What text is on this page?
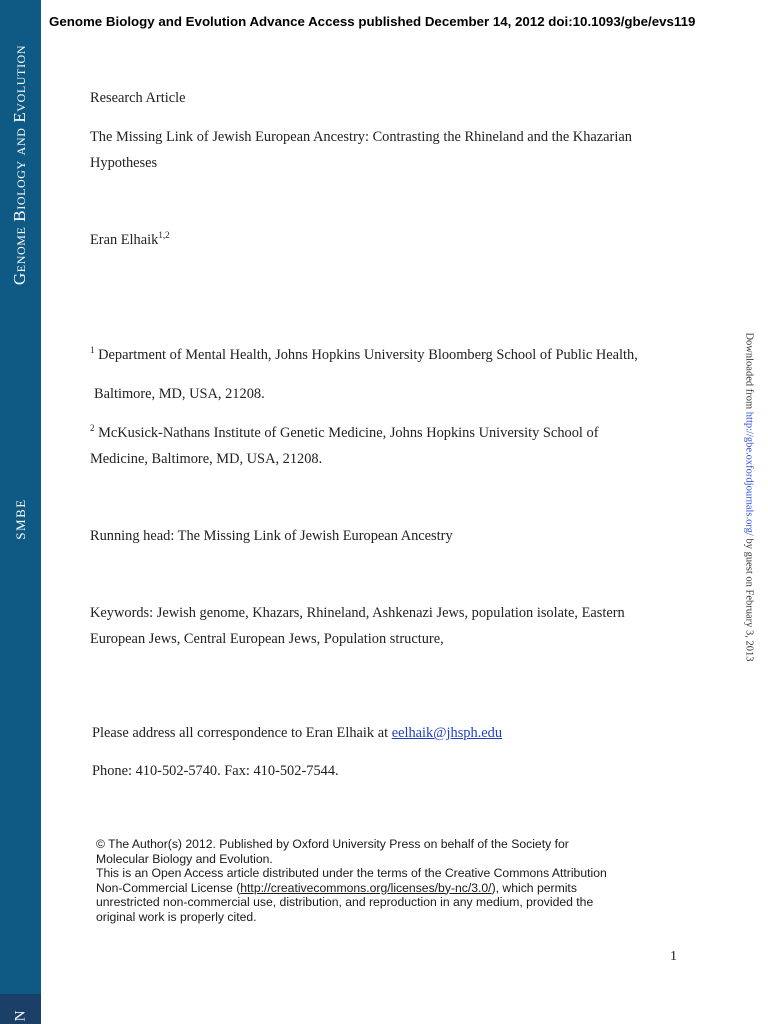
Genome Biology and Evolution
SMBE
N
Genome Biology and Evolution Advance Access published December 14, 2012 doi:10.1093/gbe/evs119
Research Article
The Missing Link of Jewish European Ancestry: Contrasting the Rhineland and the Khazarian
Hypotheses
Eran Elhaik$^{1,2}$
$^1$ Department of Mental Health, Johns Hopkins University Bloomberg School of Public Health,
Baltimore, MD, USA, 21208.
$^2$ McKusick-Nathans Institute of Genetic Medicine, Johns Hopkins University School of
Medicine, Baltimore, MD, USA, 21208.
Running head: The Missing Link of Jewish European Ancestry
Keywords: Jewish genome, Khazars, Rhineland, Ashkenazi Jews, population isolate, Eastern
European Jews, Central European Jews, Population structure,
Please address all correspondence to Eran Elhaik at eelhaik@jhsph.edu
Phone: 410-502-5740. Fax: 410-502-7544.
© The Author(s) 2012. Published by Oxford University Press on behalf of the Society for
Molecular Biology and Evolution.
This is an Open Access article distributed under the terms of the Creative Commons Attribution
Non-Commercial License (http://creativecommons.org/licenses/by-nc/3.0/), which permits
unrestricted non-commercial use, distribution, and reproduction in any medium, provided the
original work is properly cited.
1
Downloaded from http://gbe.oxfordjournals.org/ by guest on February 3, 2013
